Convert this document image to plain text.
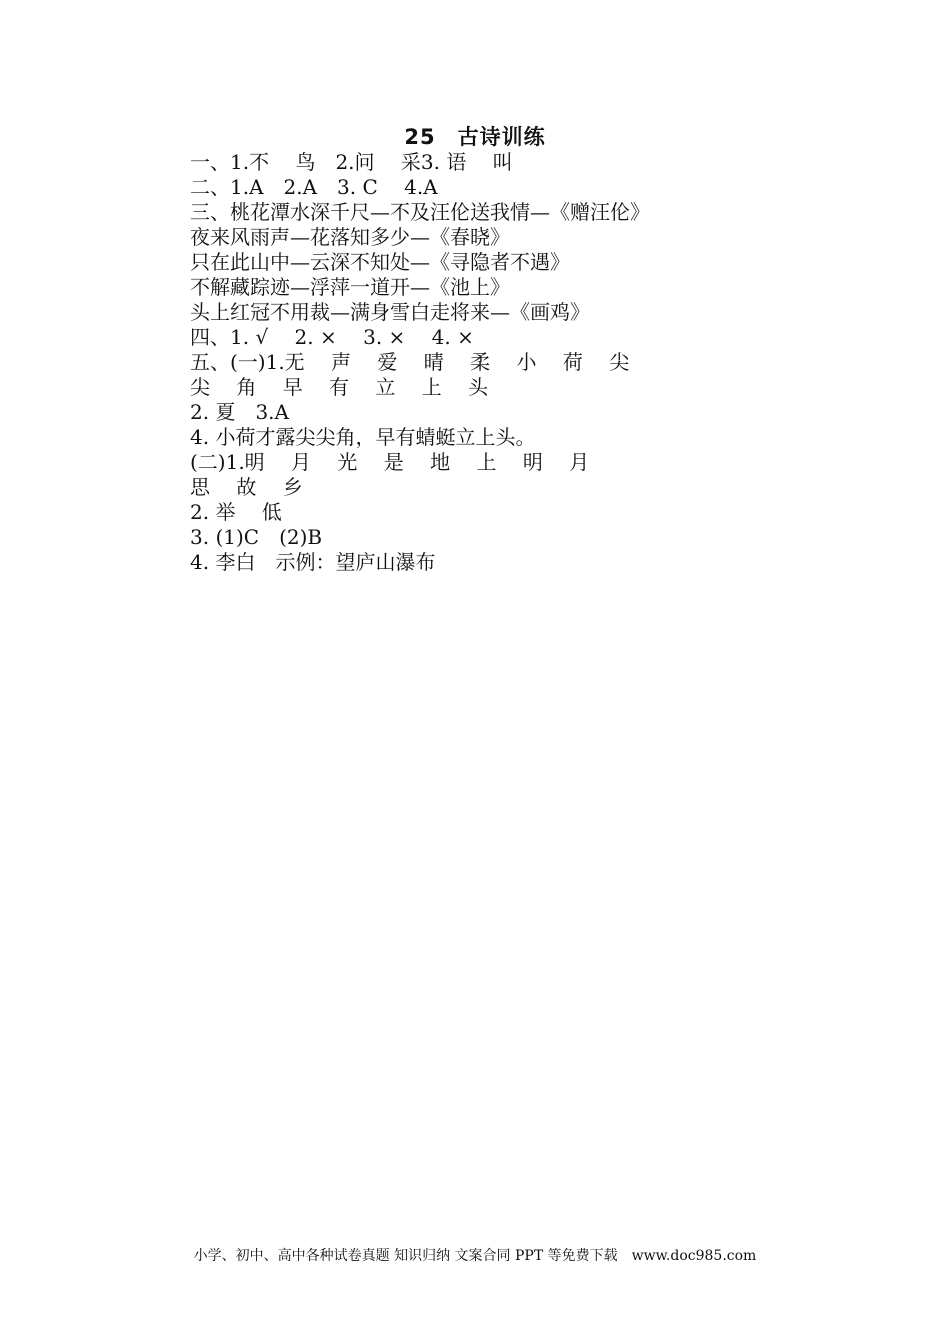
25　古诗训练
一、1.不　 鸟　2.问　 采3. 语　 叫
二、1.A　2.A　3. C　 4.A
三、桃花潭水深千尺—不及汪伦送我情—《赠汪伦》
夜来风雨声—花落知多少—《春晓》
只在此山中—云深不知处—《寻隐者不遇》
不解藏踪迹—浮萍一道开—《池上》
头上红冠不用裁—满身雪白走将来—《画鸡》
四、1. √　 2. ×　 3. ×　 4. ×
五、(一)1.无　 声　 爱　 晴　 柔　 小　 荷　 尖
尖　 角　 早　 有　 立　 上　 头
2. 夏　3.A
4. 小荷才露尖尖角，早有蜻蜓立上头。
(二)1.明　 月　 光　 是　 地　 上　 明　 月
思　 故　 乡
2. 举　 低
3. (1)C　(2)B
4. 李白　示例：望庐山瀑布
小学、初中、高中各种试卷真题 知识归纳 文案合同 PPT 等免费下载　www.doc985.com
